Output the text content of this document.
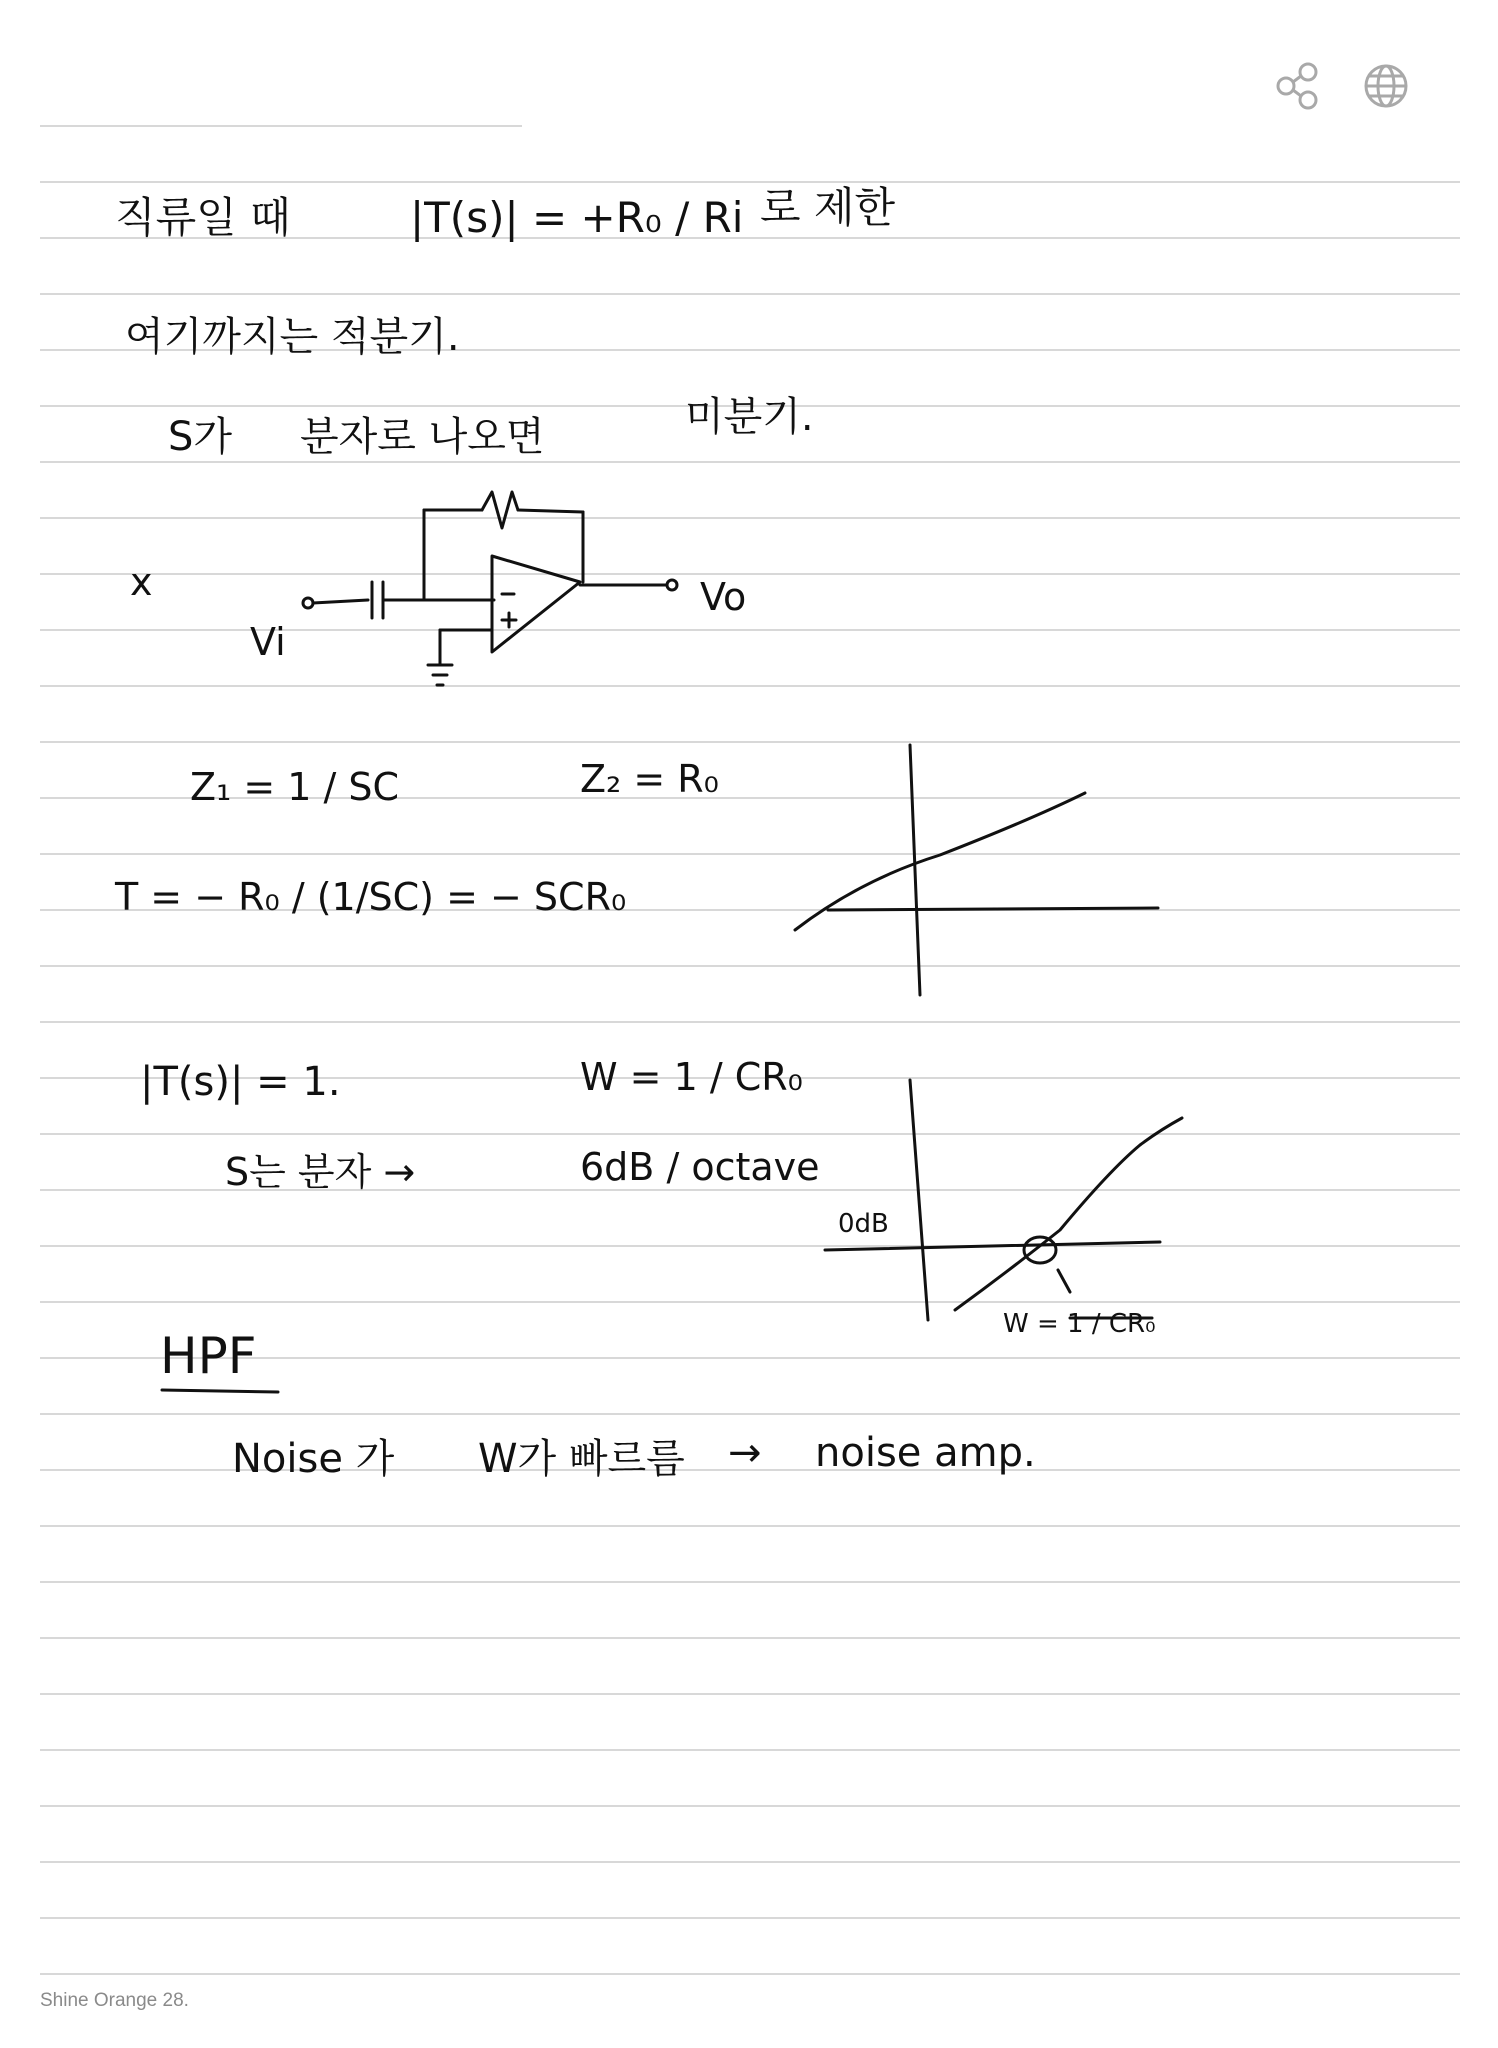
직류일 때	|T(s)| = +R₀ / Ri 로 제한
여기까지는 적분기.
S가 분자로 나오면	미분기.
ⅹ
Vi
Vo
Z₁ = 1 / SC	Z₂ = R₀
T = − R₀ / (1/SC) = − SCR₀
|T(s)| = 1.	W = 1 / CR₀
S는 분자 →	6dB / octave
0dB
W = 1 / CR₀
HPF
Noise 가 W가 빠르름 → noise amp.
Shine Orange 28.
